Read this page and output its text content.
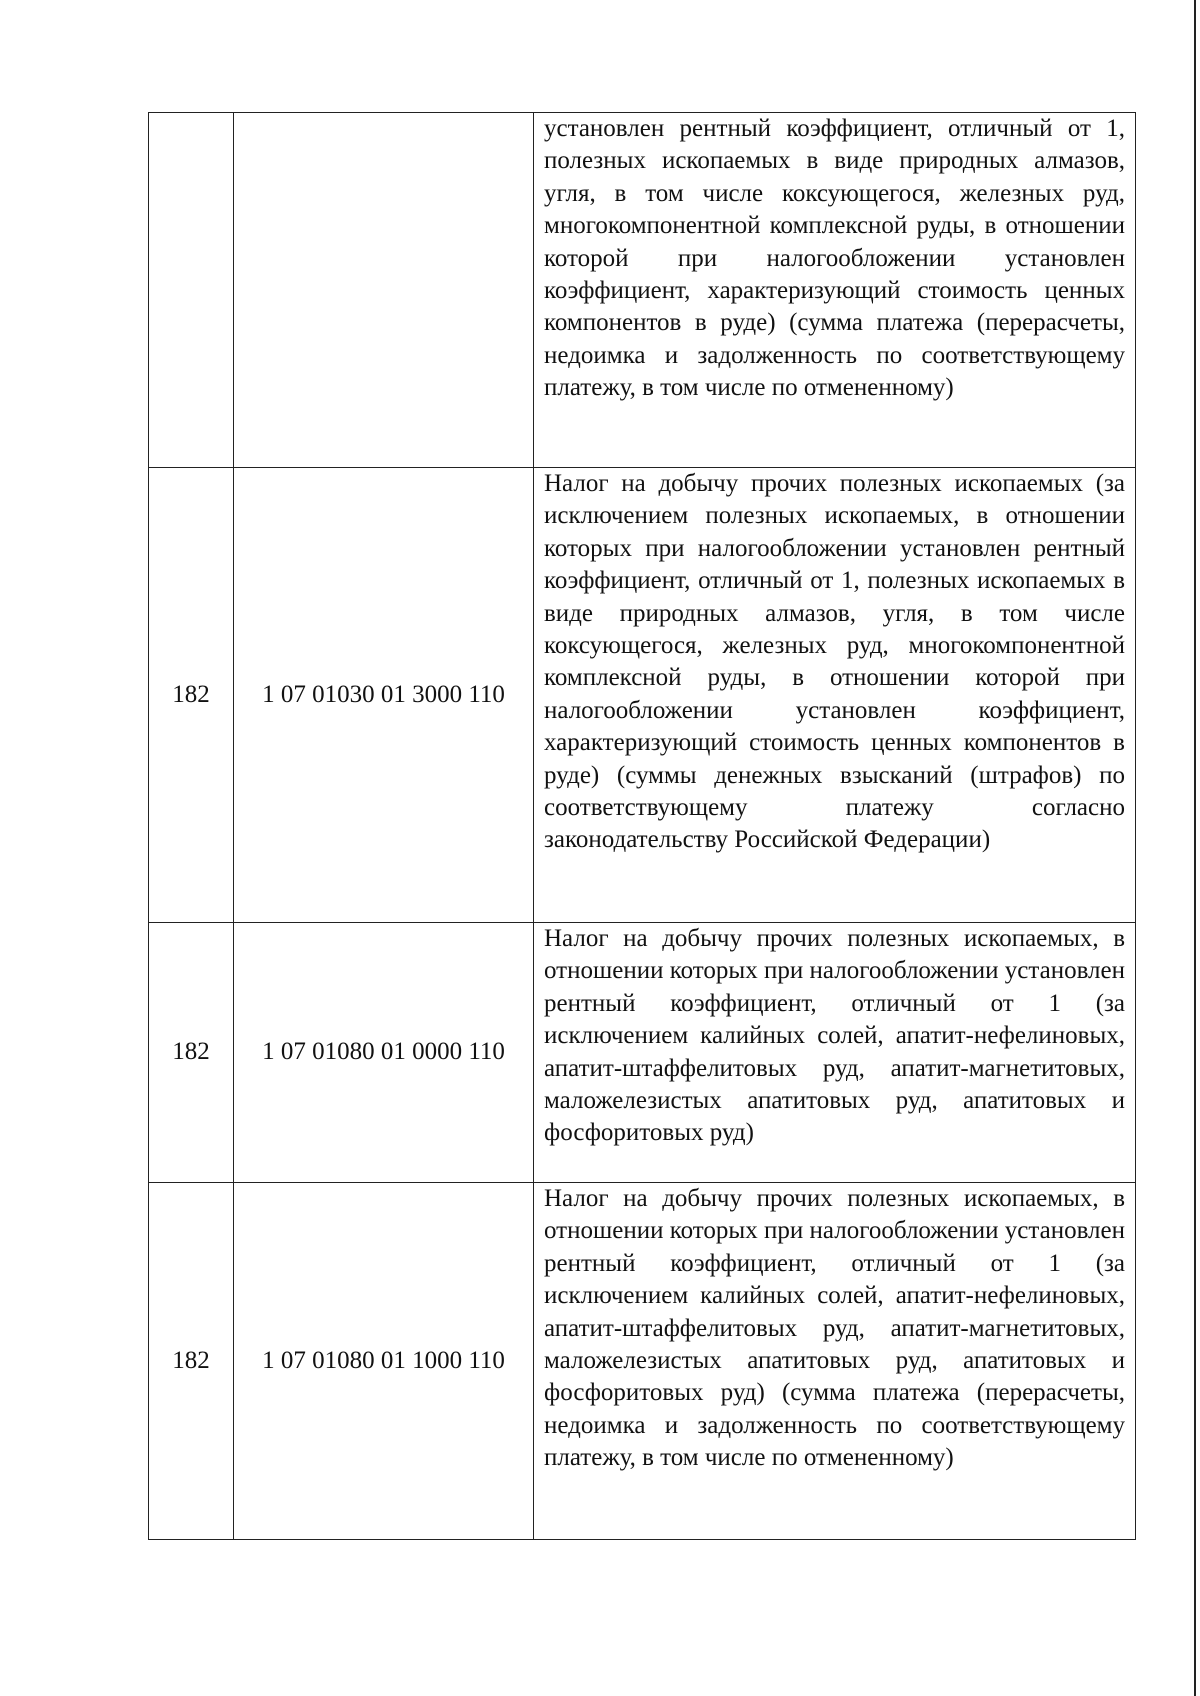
		установлен рентный коэффициент, отличный от 1, полезных ископаемых в виде природных алмазов, угля, в том числе коксующегося, железных руд, многокомпонентной комплексной руды, в отношении которой при налогообложении установлен коэффициент, характеризующий стоимость ценных компонентов в руде) (сумма платежа (перерасчеты, недоимка и задолженность по соответствующему платежу, в том числе по отмененному)
182	1 07 01030 01 3000 110	Налог на добычу прочих полезных ископаемых (за исключением полезных ископаемых, в отношении которых при налогообложении установлен рентный коэффициент, отличный от 1, полезных ископаемых в виде природных алмазов, угля, в том числе коксующегося, железных руд, многокомпонентной комплексной руды, в отношении которой при налогообложении установлен коэффициент, характеризующий стоимость ценных компонентов в руде) (суммы денежных взысканий (штрафов) по соответствующему платежу согласно законодательству Российской Федерации)
182	1 07 01080 01 0000 110	Налог на добычу прочих полезных ископаемых, в отношении которых при налогообложении установлен рентный коэффициент, отличный от 1 (за исключением калийных солей, апатит-нефелиновых, апатит-штаффелитовых руд, апатит-магнетитовых, маложелезистых апатитовых руд, апатитовых и фосфоритовых руд)
182	1 07 01080 01 1000 110	Налог на добычу прочих полезных ископаемых, в отношении которых при налогообложении установлен рентный коэффициент, отличный от 1 (за исключением калийных солей, апатит-нефелиновых, апатит-штаффелитовых руд, апатит-магнетитовых, маложелезистых апатитовых руд, апатитовых и фосфоритовых руд) (сумма платежа (перерасчеты, недоимка и задолженность по соответствующему платежу, в том числе по отмененному)
